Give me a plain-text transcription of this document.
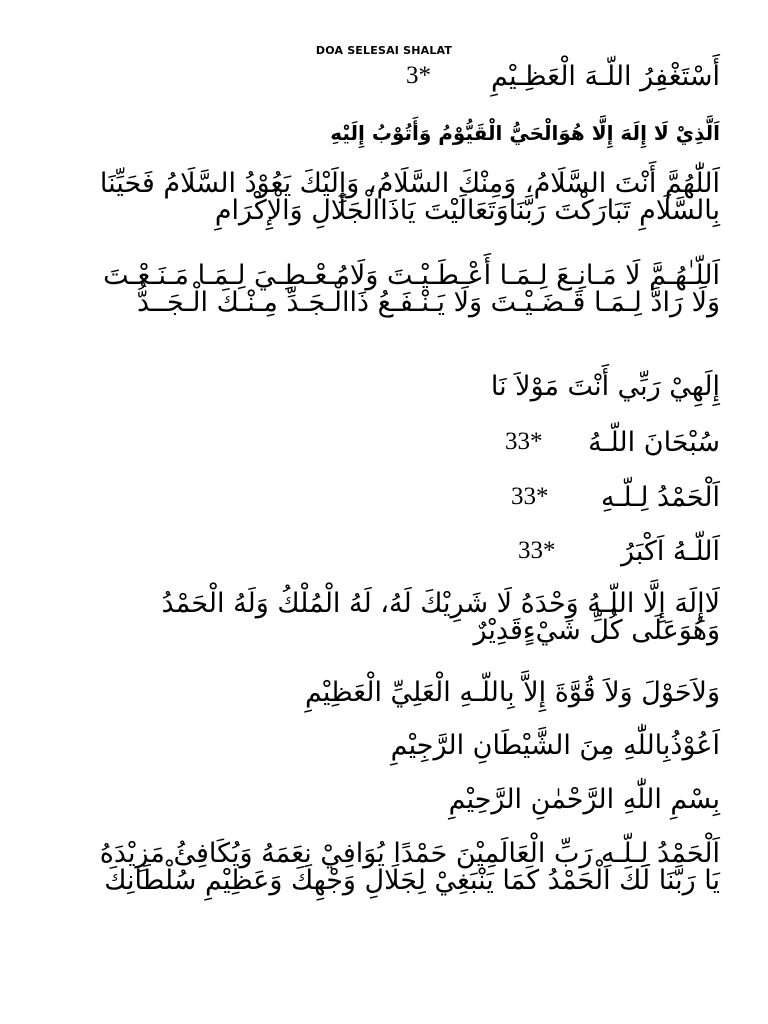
DOA SELESAI SHALAT
أَسْتَغْفِرُ اللّـهَ الْعَظِـيْمِ
3*
اَلَّذِيْ لَا إِلَهَ إِلَّا هُوَالْحَيُّ الْقَيُّوْمُ وَأَتُوْبُ إِلَيْهِ
اَللّٰهُمَّ أَنْتَ السَّلَامُ، وَمِنْكَ السَّلَامُ، وَإِلَيْكَ يَعُوْدُ السَّلَامُ فَحَيِّنَا بِالسَّلَامِ تَبَارَكْتَ رَبَّنَاوَتَعَالَيْتَ يَاذَاالْجَلَالِ وَالْإِكْرَامِ
اَللّـٰهُـمَّ لَا مَـانِـعَ لِـمَـا أَعْـطَـيْـتَ وَلَامُـعْـطِـيَ لِـمَـا مَـنَـعْـتَ وَلَا رَادَّ لِـمَـا قَـضَـيْـتَ وَلَا يَـنْـفَـعُ ذَاالْـجَـدِّ مِـنْـكَ الْـجَــدُّ
إِلَهِيْ رَبِّي أَنْتَ مَوْلاَ نَا
سُبْحَانَ اللّـهُ
33*
اَلْحَمْدُ لِـلّـهِ
33*
اَللّـهُ اَكْبَرُ
33*
لَاإِلَهَ إِلَّا اللّـهُ وَحْدَهُ لَا شَرِيْكَ لَهُ، لَهُ الْمُلْكُ وَلَهُ الْحَمْدُ وَهُوَعَلَى كُلِّ شَيْءٍقَدِيْرٌ
وَلاَحَوْلَ وَلاَ قُوَّةَ إِلاَّ بِاللّـهِ الْعَلِيِّ الْعَظِيْمِ
اَعُوْذُبِاللّٰهِ مِنَ الشَّيْطَانِ الرَّجِيْمِ
بِسْمِ اللّٰهِ الرَّحْمٰنِ الرَّحِيْمِ
اَلْحَمْدُ لِـلّـهِ رَبِّ الْعَالَمِيْنَ حَمْدًا يُوَافِيْ نِعَمَهُ وَيُكَافِئُ مَزِيْدَهُ يَا رَبَّنَا لَكَ الْحَمْدُ كَمَا يَنْبَغِيْ لِجَلَالِ وَجْهِكَ وَعَظِيْمِ سُلْطَانِكَ
